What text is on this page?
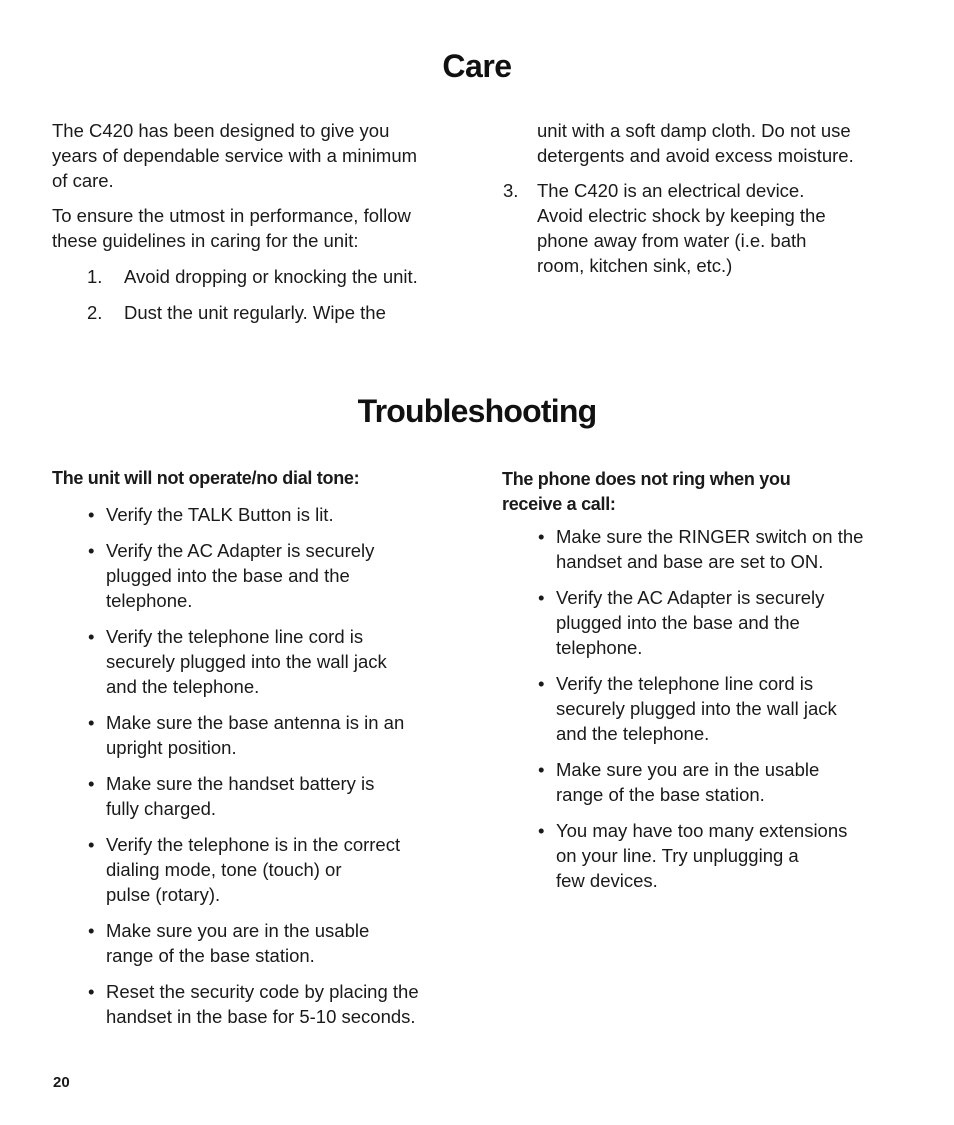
Care

The C420 has been designed to give you
years of dependable service with a minimum
of care.

To ensure the utmost in performance, follow
these guidelines in caring for the unit:

1. Avoid dropping or knocking the unit.

2. Dust the unit regularly. Wipe the

unit with a soft damp cloth. Do not use
detergents and avoid excess moisture.

3. The C420 is an electrical device.
Avoid electric shock by keeping the
phone away from water (i.e. bath
room, kitchen sink, etc.)

Troubleshooting

The unit will not operate/no dial tone:

• Verify the TALK Button is lit.
• Verify the AC Adapter is securely
plugged into the base and the
telephone.
• Verify the telephone line cord is
securely plugged into the wall jack
and the telephone.
• Make sure the base antenna is in an
upright position.
• Make sure the handset battery is
fully charged.
• Verify the telephone is in the correct
dialing mode, tone (touch) or
pulse (rotary).
• Make sure you are in the usable
range of the base station.
• Reset the security code by placing the
handset in the base for 5-10 seconds.

The phone does not ring when you
receive a call:

• Make sure the RINGER switch on the
handset and base are set to ON.
• Verify the AC Adapter is securely
plugged into the base and the
telephone.
• Verify the telephone line cord is
securely plugged into the wall jack
and the telephone.
• Make sure you are in the usable
range of the base station.
• You may have too many extensions
on your line. Try unplugging a
few devices.
20
